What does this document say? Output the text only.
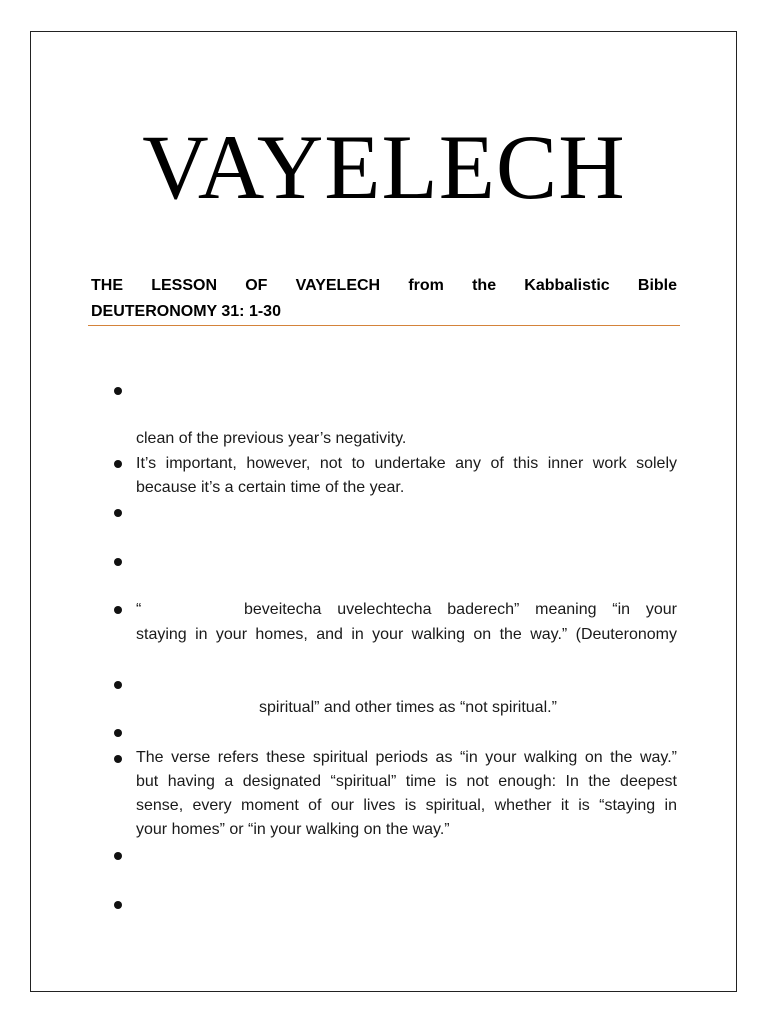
VAYELECH
THE LESSON OF VAYELECH from the Kabbalistic Bible
DEUTERONOMY 31: 1-30
clean of the previous year’s negativity.
It’s important, however, not to undertake any of this inner work solely
because it’s a certain time of the year.
“	beveitecha uvelechtecha baderech” meaning “in your
staying in your homes, and in your walking on the way.” (Deuteronomy
spiritual” and other times as “not spiritual.”
The verse refers these spiritual periods as “in your walking on the way.”
but having a designated “spiritual” time is not enough: In the deepest
sense, every moment of our lives is spiritual, whether it is “staying in
your homes” or “in your walking on the way.”
